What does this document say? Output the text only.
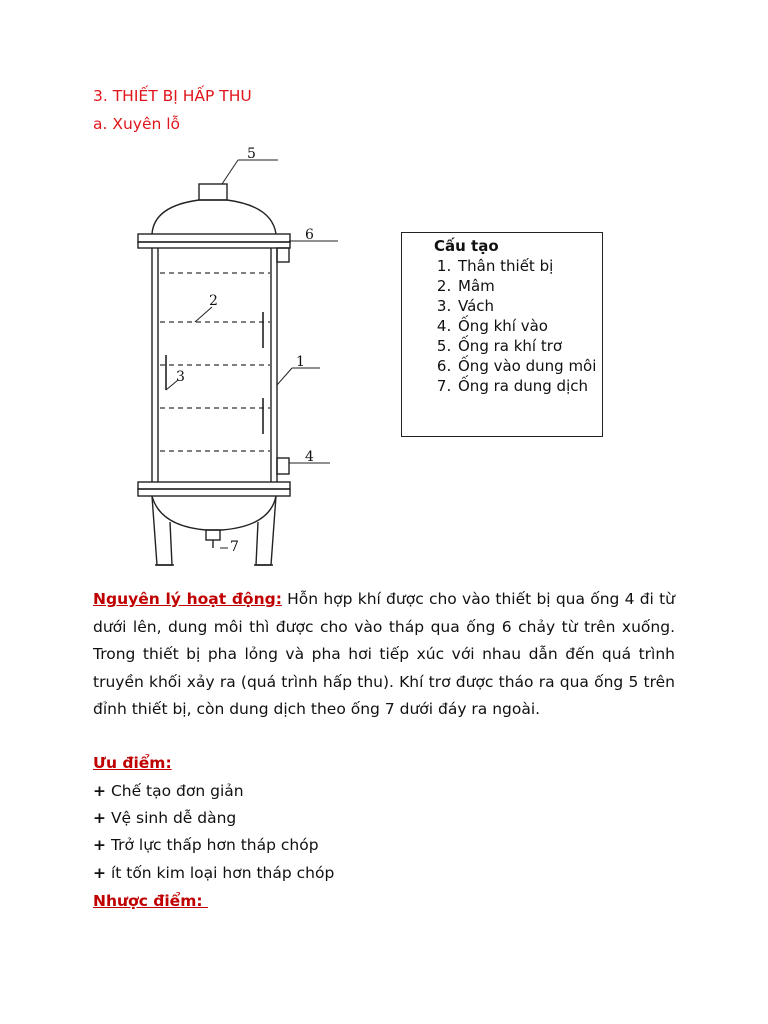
3. THIẾT BỊ HẤP THU
a. Xuyên lỗ
5
6
2
3
1
4
7
Cấu tạo
1. Thân thiết bị
2. Mâm
3. Vách
4. Ống khí vào
5. Ống ra khí trơ
6. Ống vào dung môi
7. Ống ra dung dịch

Nguyên lý hoạt động: Hỗn hợp khí được cho vào thiết bị qua ống 4 đi từ dưới lên, dung môi thì được cho vào tháp qua ống 6 chảy từ trên xuống. Trong thiết bị pha lỏng và pha hơi tiếp xúc với nhau dẫn đến quá trình truyền khối xảy ra (quá trình hấp thu). Khí trơ được tháo ra qua ống 5 trên đỉnh thiết bị, còn dung dịch theo ống 7 dưới đáy ra ngoài.

Ưu điểm:
+ Chế tạo đơn giản
+ Vệ sinh dễ dàng
+ Trở lực thấp hơn tháp chóp
+ ít tốn kim loại hơn tháp chóp
Nhược điểm:
